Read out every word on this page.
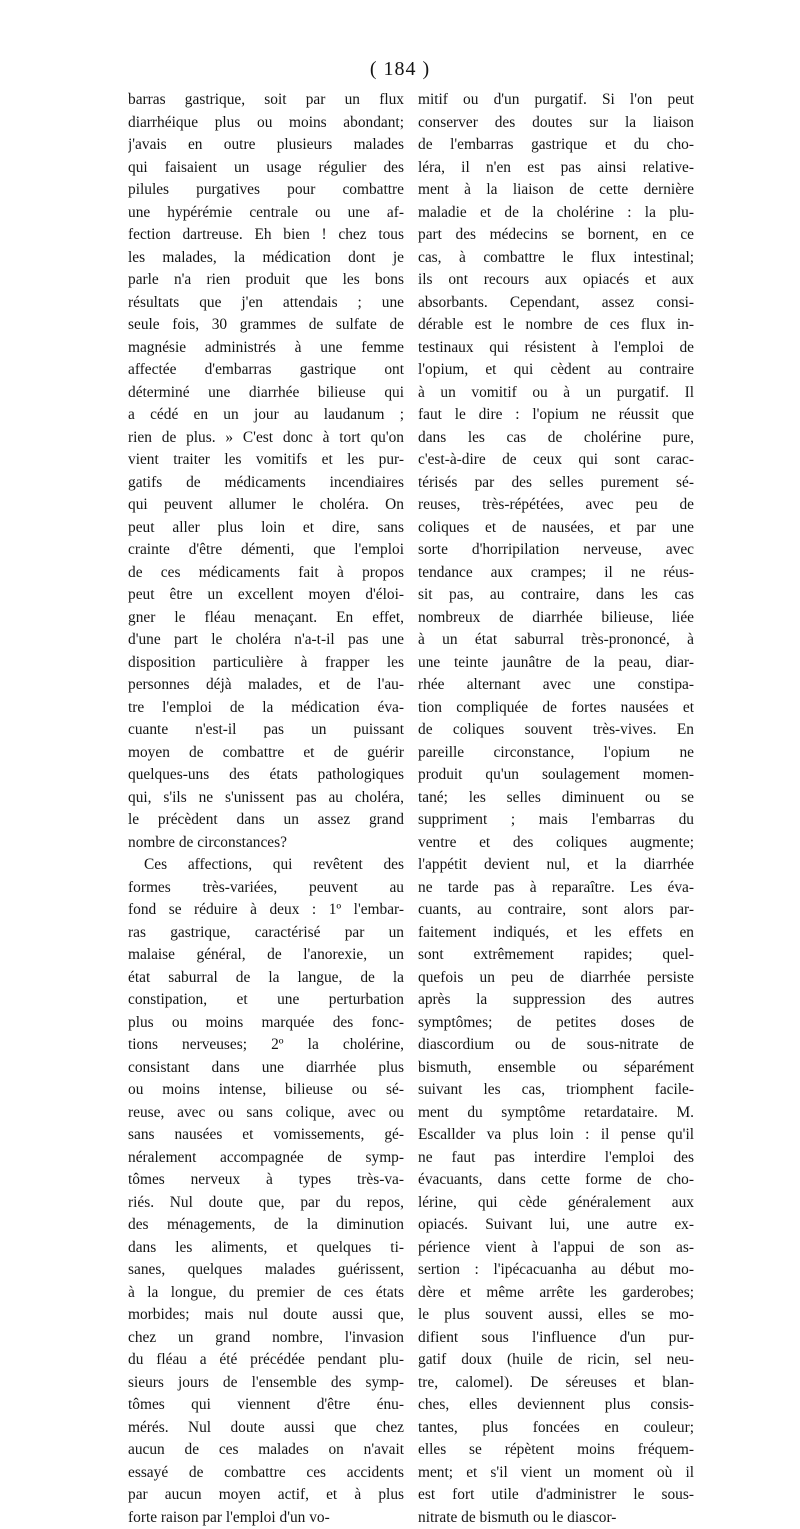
( 184 )

barras gastrique, soit par un flux
diarrhéique plus ou moins abondant;
j'avais en outre plusieurs malades
qui faisaient un usage régulier des
pilules purgatives pour combattre
une hypérémie centrale ou une af-
fection dartreuse. Eh bien ! chez tous
les malades, la médication dont je
parle n'a rien produit que les bons
résultats que j'en attendais ; une
seule fois, 30 grammes de sulfate de
magnésie administrés à une femme
affectée d'embarras gastrique ont
déterminé une diarrhée bilieuse qui
a cédé en un jour au laudanum ;
rien de plus. » C'est donc à tort qu'on
vient traiter les vomitifs et les pur-
gatifs de médicaments incendiaires
qui peuvent allumer le choléra. On
peut aller plus loin et dire, sans
crainte d'être démenti, que l'emploi
de ces médicaments fait à propos
peut être un excellent moyen d'éloi-
gner le fléau menaçant. En effet,
d'une part le choléra n'a-t-il pas une
disposition particulière à frapper les
personnes déjà malades, et de l'au-
tre l'emploi de la médication éva-
cuante n'est-il pas un puissant
moyen de combattre et de guérir
quelques-uns des états pathologiques
qui, s'ils ne s'unissent pas au choléra,
le précèdent dans un assez grand
nombre de circonstances?

Ces affections, qui revêtent des
formes très-variées, peuvent au
fond se réduire à deux : 1º l'embar-
ras gastrique, caractérisé par un
malaise général, de l'anorexie, un
état saburral de la langue, de la
constipation, et une perturbation
plus ou moins marquée des fonc-
tions nerveuses; 2º la cholérine,
consistant dans une diarrhée plus
ou moins intense, bilieuse ou sé-
reuse, avec ou sans colique, avec ou
sans nausées et vomissements, gé-
néralement accompagnée de symp-
tômes nerveux à types très-va-
riés. Nul doute que, par du repos,
des ménagements, de la diminution
dans les aliments, et quelques ti-
sanes, quelques malades guérissent,
à la longue, du premier de ces états
morbides; mais nul doute aussi que,
chez un grand nombre, l'invasion
du fléau a été précédée pendant plu-
sieurs jours de l'ensemble des symp-
tômes qui viennent d'être énu-
mérés. Nul doute aussi que chez
aucun de ces malades on n'avait
essayé de combattre ces accidents
par aucun moyen actif, et à plus
forte raison par l'emploi d'un vo-

mitif ou d'un purgatif. Si l'on peut
conserver des doutes sur la liaison
de l'embarras gastrique et du cho-
léra, il n'en est pas ainsi relative-
ment à la liaison de cette dernière
maladie et de la cholérine : la plu-
part des médecins se bornent, en ce
cas, à combattre le flux intestinal;
ils ont recours aux opiacés et aux
absorbants. Cependant, assez consi-
dérable est le nombre de ces flux in-
testinaux qui résistent à l'emploi de
l'opium, et qui cèdent au contraire
à un vomitif ou à un purgatif. Il
faut le dire : l'opium ne réussit que
dans les cas de cholérine pure,
c'est-à-dire de ceux qui sont carac-
térisés par des selles purement sé-
reuses, très-répétées, avec peu de
coliques et de nausées, et par une
sorte d'horripilation nerveuse, avec
tendance aux crampes; il ne réus-
sit pas, au contraire, dans les cas
nombreux de diarrhée bilieuse, liée
à un état saburral très-prononcé, à
une teinte jaunâtre de la peau, diar-
rhée alternant avec une constipa-
tion compliquée de fortes nausées et
de coliques souvent très-vives. En
pareille circonstance, l'opium ne
produit qu'un soulagement momen-
tané; les selles diminuent ou se
suppriment ; mais l'embarras du
ventre et des coliques augmente;
l'appétit devient nul, et la diarrhée
ne tarde pas à reparaître. Les éva-
cuants, au contraire, sont alors par-
faitement indiqués, et les effets en
sont extrêmement rapides; quel-
quefois un peu de diarrhée persiste
après la suppression des autres
symptômes; de petites doses de
diascordium ou de sous-nitrate de
bismuth, ensemble ou séparément
suivant les cas, triomphent facile-
ment du symptôme retardataire. M.
Escallder va plus loin : il pense qu'il
ne faut pas interdire l'emploi des
évacuants, dans cette forme de cho-
lérine, qui cède généralement aux
opiacés. Suivant lui, une autre ex-
périence vient à l'appui de son as-
sertion : l'ipécacuanha au début mo-
dère et même arrête les garderobes;
le plus souvent aussi, elles se mo-
difient sous l'influence d'un pur-
gatif doux (huile de ricin, sel neu-
tre, calomel). De séreuses et blan-
ches, elles deviennent plus consis-
tantes, plus foncées en couleur;
elles se répètent moins fréquem-
ment; et s'il vient un moment où il
est fort utile d'administrer le sous-
nitrate de bismuth ou le diascor-
